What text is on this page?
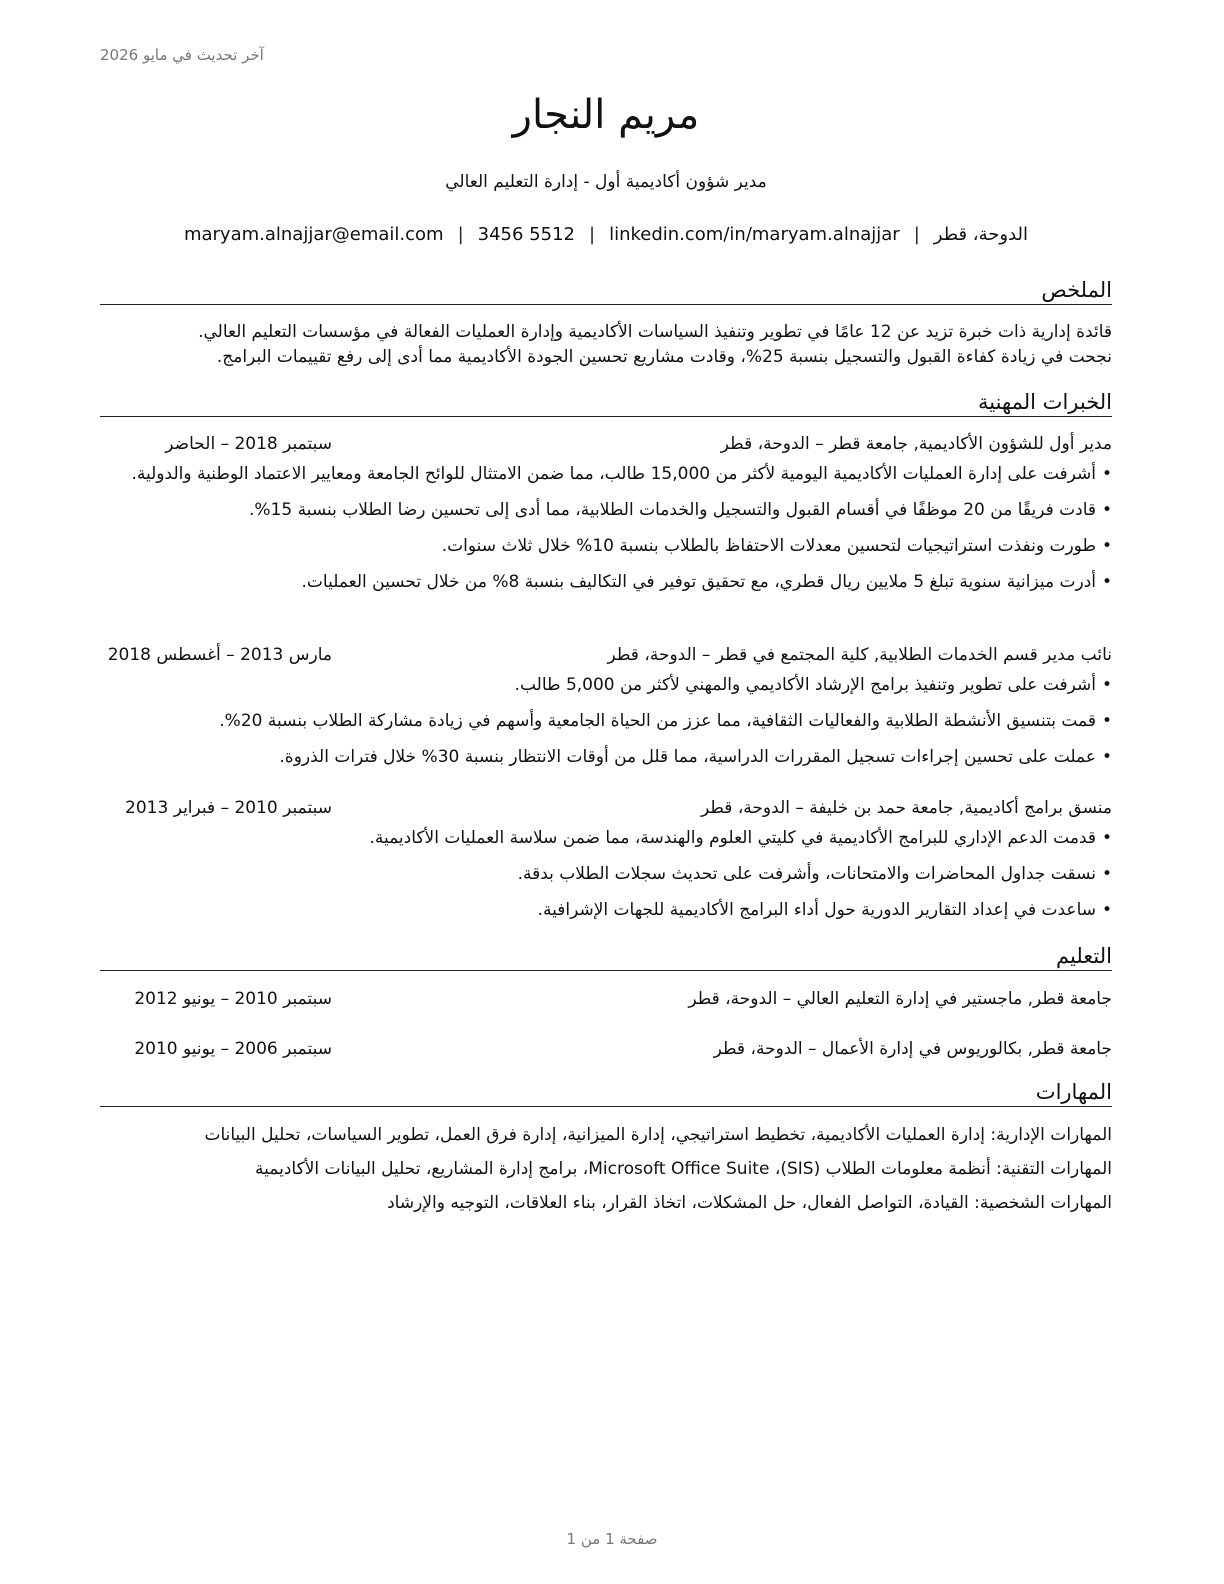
آخر تحديث في مايو 2026
مريم النجار
مدير شؤون أكاديمية أول - إدارة التعليم العالي
الدوحة، قطر|maryam.alnajjar@email.com | 3456 5512 | linkedin.com/in/maryam.alnajjar
الملخص
قائدة إدارية ذات خبرة تزيد عن 12 عامًا في تطوير وتنفيذ السياسات الأكاديمية وإدارة العمليات الفعالة في مؤسسات التعليم العالي.
نجحت في زيادة كفاءة القبول والتسجيل بنسبة 25%، وقادت مشاريع تحسين الجودة الأكاديمية مما أدى إلى رفع تقييمات البرامج.
الخبرات المهنية
مدير أول للشؤون الأكاديمية, جامعة قطر – الدوحة، قطر
سبتمبر 2018 – الحاضر
•
أشرفت على إدارة العمليات الأكاديمية اليومية لأكثر من 15,000 طالب، مما ضمن الامتثال للوائح الجامعة ومعايير الاعتماد الوطنية والدولية.
•
قادت فريقًا من 20 موظفًا في أقسام القبول والتسجيل والخدمات الطلابية، مما أدى إلى تحسين رضا الطلاب بنسبة 15%.
•
طورت ونفذت استراتيجيات لتحسين معدلات الاحتفاظ بالطلاب بنسبة 10% خلال ثلاث سنوات.
•
أدرت ميزانية سنوية تبلغ 5 ملايين ريال قطري، مع تحقيق توفير في التكاليف بنسبة 8% من خلال تحسين العمليات.
نائب مدير قسم الخدمات الطلابية, كلية المجتمع في قطر – الدوحة، قطر
مارس 2013 – أغسطس 2018
•
أشرفت على تطوير وتنفيذ برامج الإرشاد الأكاديمي والمهني لأكثر من 5,000 طالب.
•
قمت بتنسيق الأنشطة الطلابية والفعاليات الثقافية، مما عزز من الحياة الجامعية وأسهم في زيادة مشاركة الطلاب بنسبة 20%.
•
عملت على تحسين إجراءات تسجيل المقررات الدراسية، مما قلل من أوقات الانتظار بنسبة 30% خلال فترات الذروة.
منسق برامج أكاديمية, جامعة حمد بن خليفة – الدوحة، قطر
سبتمبر 2010 – فبراير 2013
•
قدمت الدعم الإداري للبرامج الأكاديمية في كليتي العلوم والهندسة، مما ضمن سلاسة العمليات الأكاديمية.
•
نسقت جداول المحاضرات والامتحانات، وأشرفت على تحديث سجلات الطلاب بدقة.
•
ساعدت في إعداد التقارير الدورية حول أداء البرامج الأكاديمية للجهات الإشرافية.
التعليم
جامعة قطر, ماجستير في إدارة التعليم العالي – الدوحة، قطر
سبتمبر 2010 – يونيو 2012
جامعة قطر, بكالوريوس في إدارة الأعمال – الدوحة، قطر
سبتمبر 2006 – يونيو 2010
المهارات
المهارات الإدارية: إدارة العمليات الأكاديمية، تخطيط استراتيجي، إدارة الميزانية، إدارة فرق العمل، تطوير السياسات، تحليل البيانات
المهارات التقنية: أنظمة معلومات الطلاب (SIS)، Microsoft Office Suite، برامج إدارة المشاريع، تحليل البيانات الأكاديمية
المهارات الشخصية: القيادة، التواصل الفعال، حل المشكلات، اتخاذ القرار، بناء العلاقات، التوجيه والإرشاد
صفحة 1 من 1
